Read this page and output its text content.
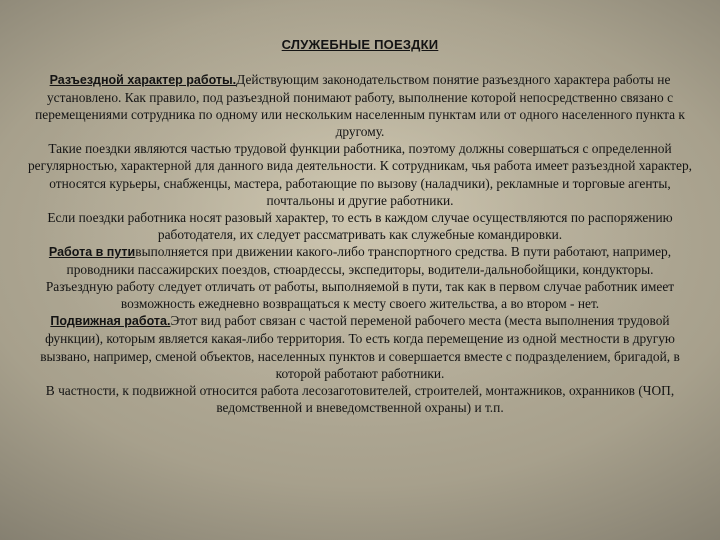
СЛУЖЕБНЫЕ ПОЕЗДКИ

Разъездной характер работы.Действующим законодательством понятие разъездного характера работы не установлено. Как правило, под разъездной понимают работу, выполнение которой непосредственно связано с перемещениями сотрудника по одному или нескольким населенным пунктам или от одного населенного пункта к другому.

Такие поездки являются частью трудовой функции работника, поэтому должны совершаться с определенной регулярностью, характерной для данного вида деятельности. К сотрудникам, чья работа имеет разъездной характер, относятся курьеры, снабженцы, мастера, работающие по вызову (наладчики), рекламные и торговые агенты, почтальоны и другие работники.

Если поездки работника носят разовый характер, то есть в каждом случае осуществляются по распоряжению работодателя, их следует рассматривать как служебные командировки.

Работа в путивыполняется при движении какого-либо транспортного средства. В пути работают, например, проводники пассажирских поездов, стюардессы, экспедиторы, водители-дальнобойщики, кондукторы.

Разъездную работу следует отличать от работы, выполняемой в пути, так как в первом случае работник имеет возможность ежедневно возвращаться к месту своего жительства, а во втором - нет.

Подвижная работа.Этот вид работ связан с частой переменой рабочего места (места выполнения трудовой функции), которым является какая-либо территория. То есть когда перемещение из одной местности в другую вызвано, например, сменой объектов, населенных пунктов и совершается вместе с подразделением, бригадой, в которой работают работники.

В частности, к подвижной относится работа лесозаготовителей, строителей, монтажников, охранников (ЧОП, ведомственной и вневедомственной охраны) и т.п.
